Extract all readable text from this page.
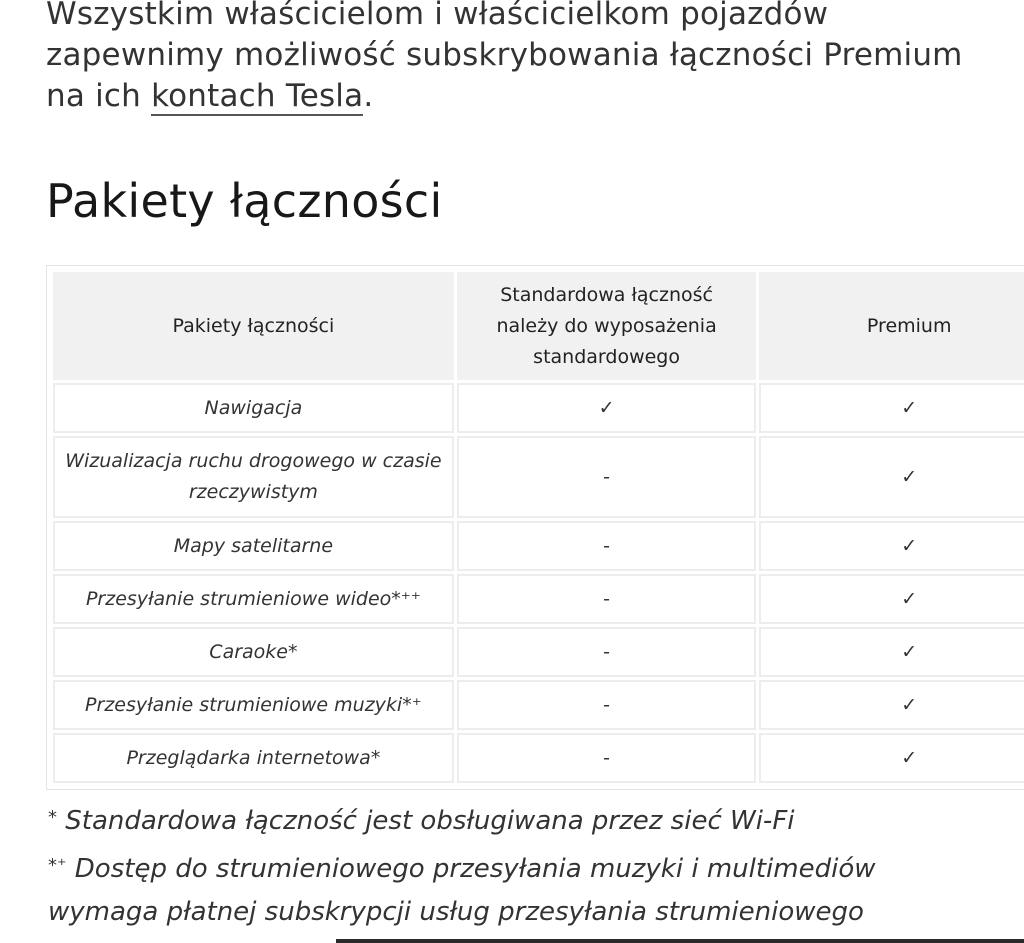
Wszystkim właścicielom i właścicielkom pojazdów zapewnimy możliwość subskrybowania łączności Premium na ich kontach Tesla.

Pakiety łączności
Pakiety łączności	Standardowa łączność należy do wyposażenia standardowego	Premium
Nawigacja	✓	✓
Wizualizacja ruchu drogowego w czasie rzeczywistym	-	✓
Mapy satelitarne	-	✓
Przesyłanie strumieniowe wideo*⁺⁺	-	✓
Caraoke*	-	✓
Przesyłanie strumieniowe muzyki*⁺	-	✓
Przeglądarka internetowa*	-	✓

* Standardowa łączność jest obsługiwana przez sieć Wi-Fi

*⁺ Dostęp do strumieniowego przesyłania muzyki i multimediów wymaga płatnej subskrypcji usług przesyłania strumieniowego
